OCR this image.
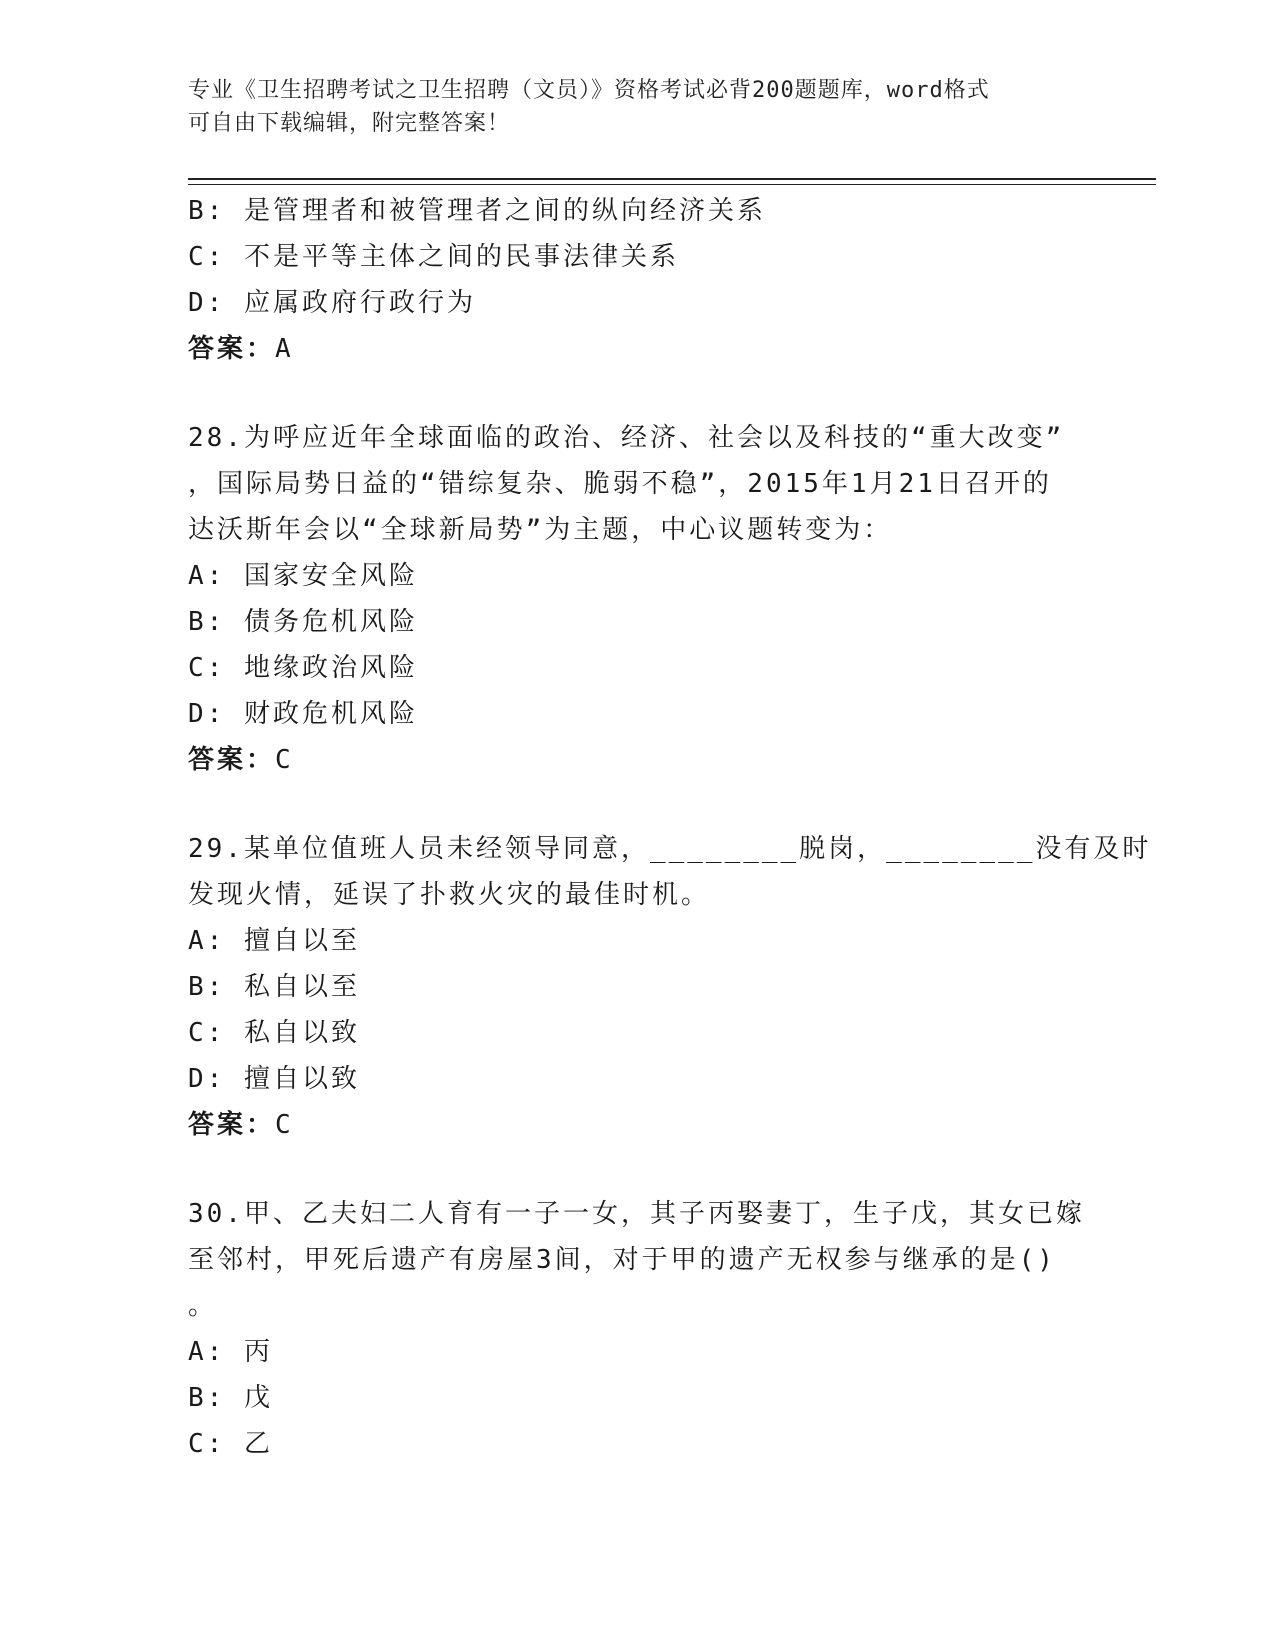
专业《卫生招聘考试之卫生招聘（文员）》资格考试必背200题题库，word格式
可自由下载编辑，附完整答案！
B: 是管理者和被管理者之间的纵向经济关系
C: 不是平等主体之间的民事法律关系
D: 应属政府行政行为
答案：A
28.为呼应近年全球面临的政治、经济、社会以及科技的“重大改变”
，国际局势日益的“错综复杂、脆弱不稳”，2015年1月21日召开的
达沃斯年会以“全球新局势”为主题，中心议题转变为：
A: 国家安全风险
B: 债务危机风险
C: 地缘政治风险
D: 财政危机风险
答案：C
29.某单位值班人员未经领导同意，________脱岗，________没有及时
发现火情，延误了扑救火灾的最佳时机。
A: 擅自以至
B: 私自以至
C: 私自以致
D: 擅自以致
答案：C
30.甲、乙夫妇二人育有一子一女，其子丙娶妻丁，生子戊，其女已嫁
至邻村，甲死后遗产有房屋3间，对于甲的遗产无权参与继承的是()
。
A: 丙
B: 戊
C: 乙
